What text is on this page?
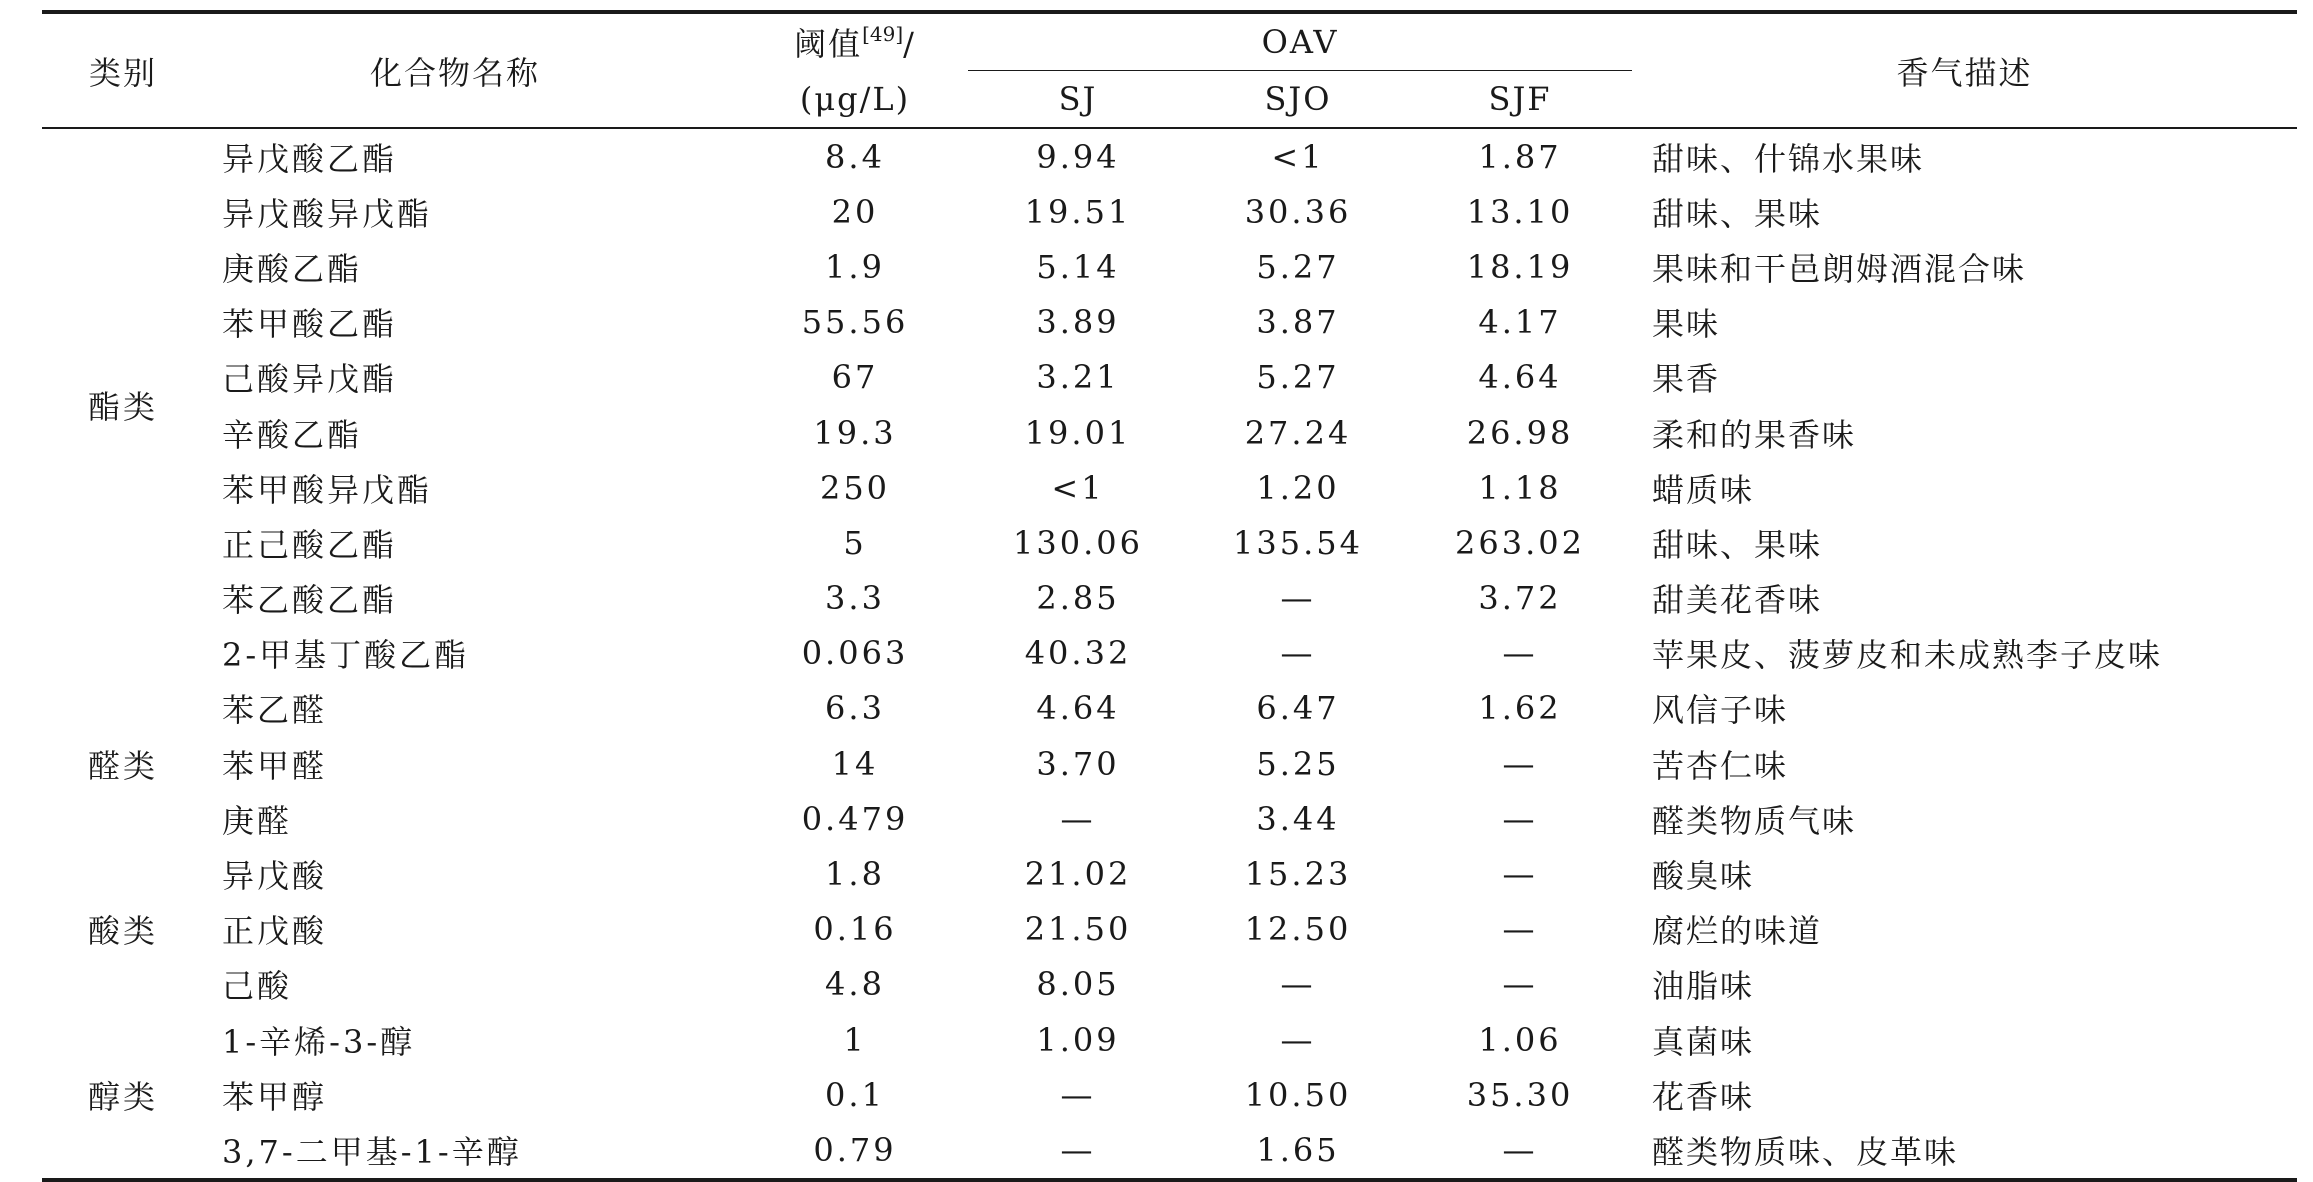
类别	化合物名称	阈值[49]/	OAV			香气描述
		(μg/L)	SJ	SJO	SJF	
酯类	异戊酸乙酯	8.4	9.94	<1	1.87	甜味、什锦水果味
	异戊酸异戊酯	20	19.51	30.36	13.10	甜味、果味
	庚酸乙酯	1.9	5.14	5.27	18.19	果味和干邑朗姆酒混合味
	苯甲酸乙酯	55.56	3.89	3.87	4.17	果味
	己酸异戊酯	67	3.21	5.27	4.64	果香
	辛酸乙酯	19.3	19.01	27.24	26.98	柔和的果香味
	苯甲酸异戊酯	250	<1	1.20	1.18	蜡质味
	正己酸乙酯	5	130.06	135.54	263.02	甜味、果味
	苯乙酸乙酯	3.3	2.85	—	3.72	甜美花香味
	2-甲基丁酸乙酯	0.063	40.32	—	—	苹果皮、菠萝皮和未成熟李子皮味
醛类	苯乙醛	6.3	4.64	6.47	1.62	风信子味
	苯甲醛	14	3.70	5.25	—	苦杏仁味
	庚醛	0.479	—	3.44	—	醛类物质气味
酸类	异戊酸	1.8	21.02	15.23	—	酸臭味
	正戊酸	0.16	21.50	12.50	—	腐烂的味道
	己酸	4.8	8.05	—	—	油脂味
醇类	1-辛烯-3-醇	1	1.09	—	1.06	真菌味
	苯甲醇	0.1	—	10.50	35.30	花香味
	3,7-二甲基-1-辛醇	0.79	—	1.65	—	醛类物质味、皮革味
